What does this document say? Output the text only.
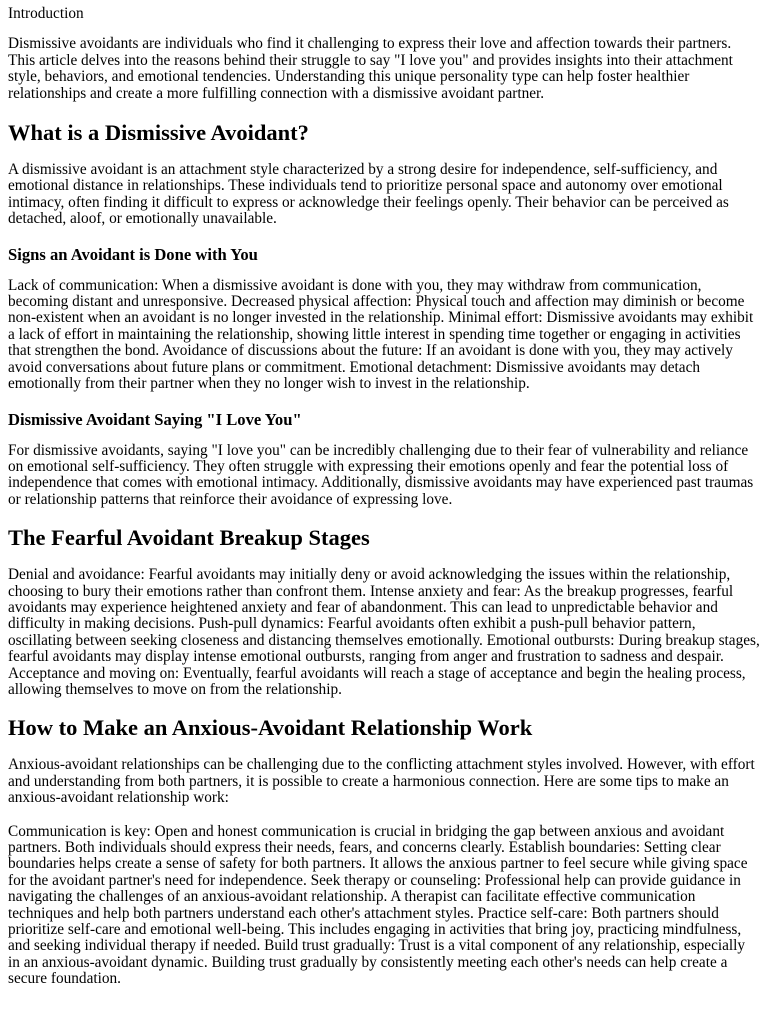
Introduction

Dismissive avoidants are individuals who find it challenging to express their love and affection towards their partners. This article delves into the reasons behind their struggle to say "I love you" and provides insights into their attachment style, behaviors, and emotional tendencies. Understanding this unique personality type can help foster healthier relationships and create a more fulfilling connection with a dismissive avoidant partner.

What is a Dismissive Avoidant?

A dismissive avoidant is an attachment style characterized by a strong desire for independence, self-sufficiency, and emotional distance in relationships. These individuals tend to prioritize personal space and autonomy over emotional intimacy, often finding it difficult to express or acknowledge their feelings openly. Their behavior can be perceived as detached, aloof, or emotionally unavailable.

Signs an Avoidant is Done with You

Lack of communication: When a dismissive avoidant is done with you, they may withdraw from communication, becoming distant and unresponsive. Decreased physical affection: Physical touch and affection may diminish or become non-existent when an avoidant is no longer invested in the relationship. Minimal effort: Dismissive avoidants may exhibit a lack of effort in maintaining the relationship, showing little interest in spending time together or engaging in activities that strengthen the bond. Avoidance of discussions about the future: If an avoidant is done with you, they may actively avoid conversations about future plans or commitment. Emotional detachment: Dismissive avoidants may detach emotionally from their partner when they no longer wish to invest in the relationship.

Dismissive Avoidant Saying "I Love You"

For dismissive avoidants, saying "I love you" can be incredibly challenging due to their fear of vulnerability and reliance on emotional self-sufficiency. They often struggle with expressing their emotions openly and fear the potential loss of independence that comes with emotional intimacy. Additionally, dismissive avoidants may have experienced past traumas or relationship patterns that reinforce their avoidance of expressing love.

The Fearful Avoidant Breakup Stages

Denial and avoidance: Fearful avoidants may initially deny or avoid acknowledging the issues within the relationship, choosing to bury their emotions rather than confront them. Intense anxiety and fear: As the breakup progresses, fearful avoidants may experience heightened anxiety and fear of abandonment. This can lead to unpredictable behavior and difficulty in making decisions. Push-pull dynamics: Fearful avoidants often exhibit a push-pull behavior pattern, oscillating between seeking closeness and distancing themselves emotionally. Emotional outbursts: During breakup stages, fearful avoidants may display intense emotional outbursts, ranging from anger and frustration to sadness and despair. Acceptance and moving on: Eventually, fearful avoidants will reach a stage of acceptance and begin the healing process, allowing themselves to move on from the relationship.

How to Make an Anxious-Avoidant Relationship Work

Anxious-avoidant relationships can be challenging due to the conflicting attachment styles involved. However, with effort and understanding from both partners, it is possible to create a harmonious connection. Here are some tips to make an anxious-avoidant relationship work:

Communication is key: Open and honest communication is crucial in bridging the gap between anxious and avoidant partners. Both individuals should express their needs, fears, and concerns clearly. Establish boundaries: Setting clear boundaries helps create a sense of safety for both partners. It allows the anxious partner to feel secure while giving space for the avoidant partner's need for independence. Seek therapy or counseling: Professional help can provide guidance in navigating the challenges of an anxious-avoidant relationship. A therapist can facilitate effective communication techniques and help both partners understand each other's attachment styles. Practice self-care: Both partners should prioritize self-care and emotional well-being. This includes engaging in activities that bring joy, practicing mindfulness, and seeking individual therapy if needed. Build trust gradually: Trust is a vital component of any relationship, especially in an anxious-avoidant dynamic. Building trust gradually by consistently meeting each other's needs can help create a secure foundation.
